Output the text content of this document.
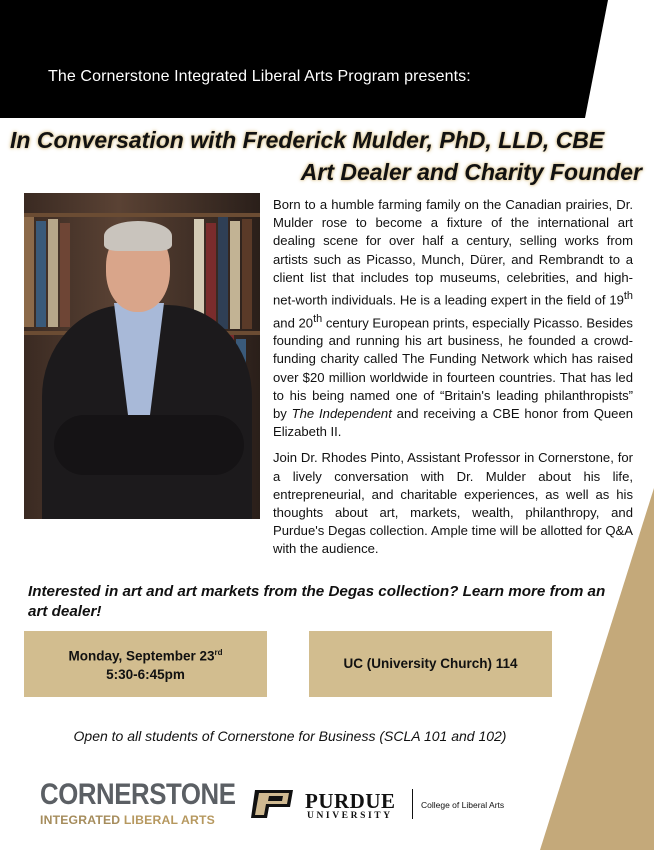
The Cornerstone Integrated Liberal Arts Program presents:
In Conversation with Frederick Mulder, PhD, LLD, CBE
Art Dealer and Charity Founder

Born to a humble farming family on the Canadian prairies, Dr. Mulder rose to become a fixture of the international art dealing scene for over half a century, selling works from artists such as Picasso, Munch, Dürer, and Rembrandt to a client list that includes top museums, celebrities, and high-net-worth individuals. He is a leading expert in the field of 19th and 20th century European prints, especially Picasso. Besides founding and running his art business, he founded a crowd-funding charity called The Funding Network which has raised over $20 million worldwide in fourteen countries. That has led to his being named one of “Britain's leading philanthropists” by The Independent and receiving a CBE honor from Queen Elizabeth II.

Join Dr. Rhodes Pinto, Assistant Professor in Cornerstone, for a lively conversation with Dr. Mulder about his life, entrepreneurial, and charitable experiences, as well as his thoughts about art, markets, wealth, philanthropy, and Purdue's Degas collection. Ample time will be allotted for Q&A with the audience.

Interested in art and art markets from the Degas collection? Learn more from an art dealer!
Monday, September 23rd
5:30-6:45pm
UC (University Church) 114
Open to all students of Cornerstone for Business (SCLA 101 and 102)
CORNERSTONE
INTEGRATED LIBERAL ARTS
PURDUE
UNIVERSITY
College of Liberal Arts
